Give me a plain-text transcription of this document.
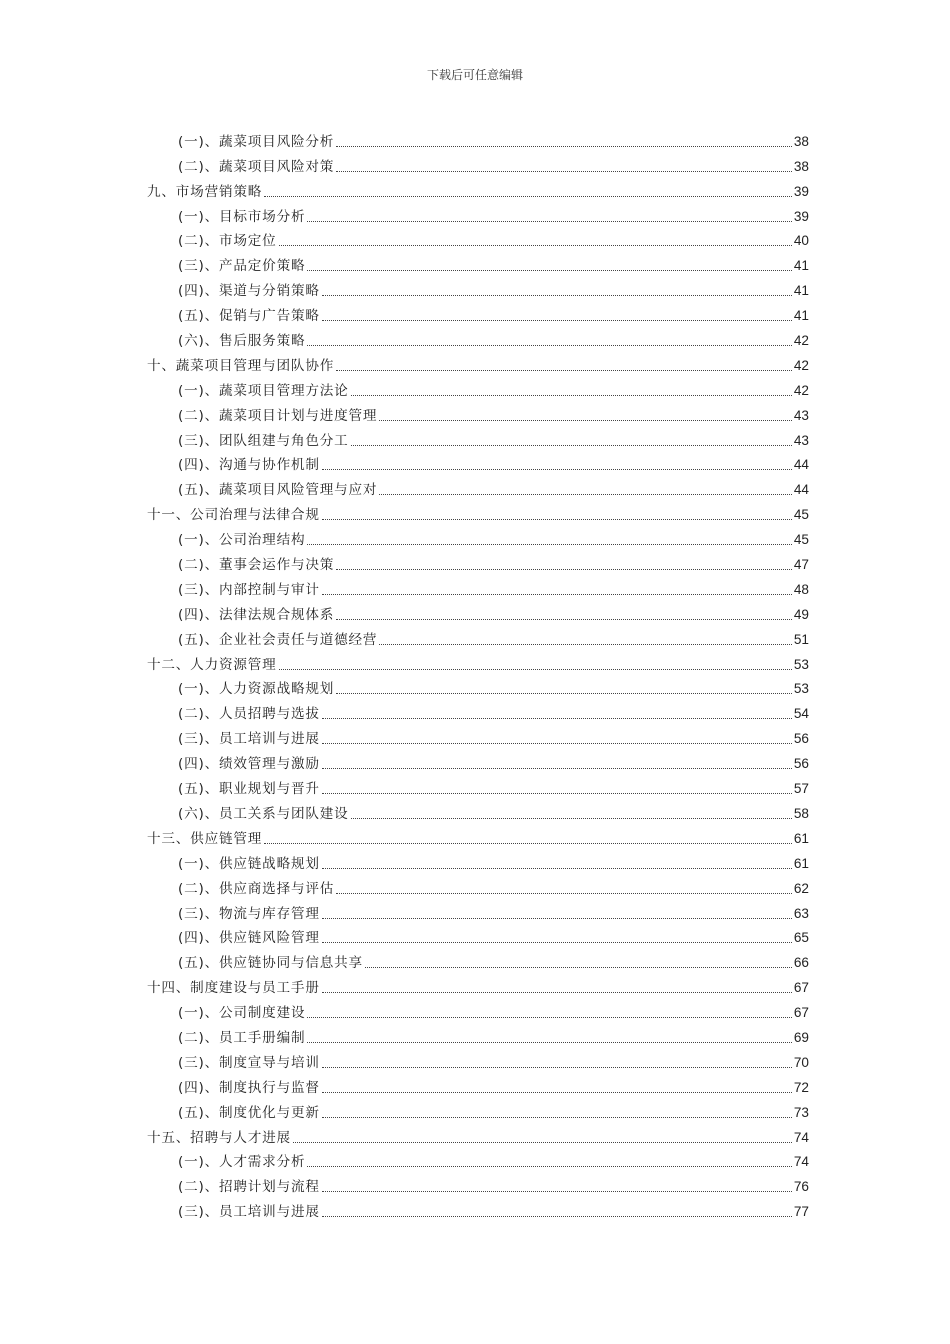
下载后可任意编辑
(一)、蔬菜项目风险分析	38
(二)、蔬菜项目风险对策	38
九、市场营销策略	39
(一)、目标市场分析	39
(二)、市场定位	40
(三)、产品定价策略	41
(四)、渠道与分销策略	41
(五)、促销与广告策略	41
(六)、售后服务策略	42
十、蔬菜项目管理与团队协作	42
(一)、蔬菜项目管理方法论	42
(二)、蔬菜项目计划与进度管理	43
(三)、团队组建与角色分工	43
(四)、沟通与协作机制	44
(五)、蔬菜项目风险管理与应对	44
十一、公司治理与法律合规	45
(一)、公司治理结构	45
(二)、董事会运作与决策	47
(三)、内部控制与审计	48
(四)、法律法规合规体系	49
(五)、企业社会责任与道德经营	51
十二、人力资源管理	53
(一)、人力资源战略规划	53
(二)、人员招聘与选拔	54
(三)、员工培训与进展	56
(四)、绩效管理与激励	56
(五)、职业规划与晋升	57
(六)、员工关系与团队建设	58
十三、供应链管理	61
(一)、供应链战略规划	61
(二)、供应商选择与评估	62
(三)、物流与库存管理	63
(四)、供应链风险管理	65
(五)、供应链协同与信息共享	66
十四、制度建设与员工手册	67
(一)、公司制度建设	67
(二)、员工手册编制	69
(三)、制度宣导与培训	70
(四)、制度执行与监督	72
(五)、制度优化与更新	73
十五、招聘与人才进展	74
(一)、人才需求分析	74
(二)、招聘计划与流程	76
(三)、员工培训与进展	77
